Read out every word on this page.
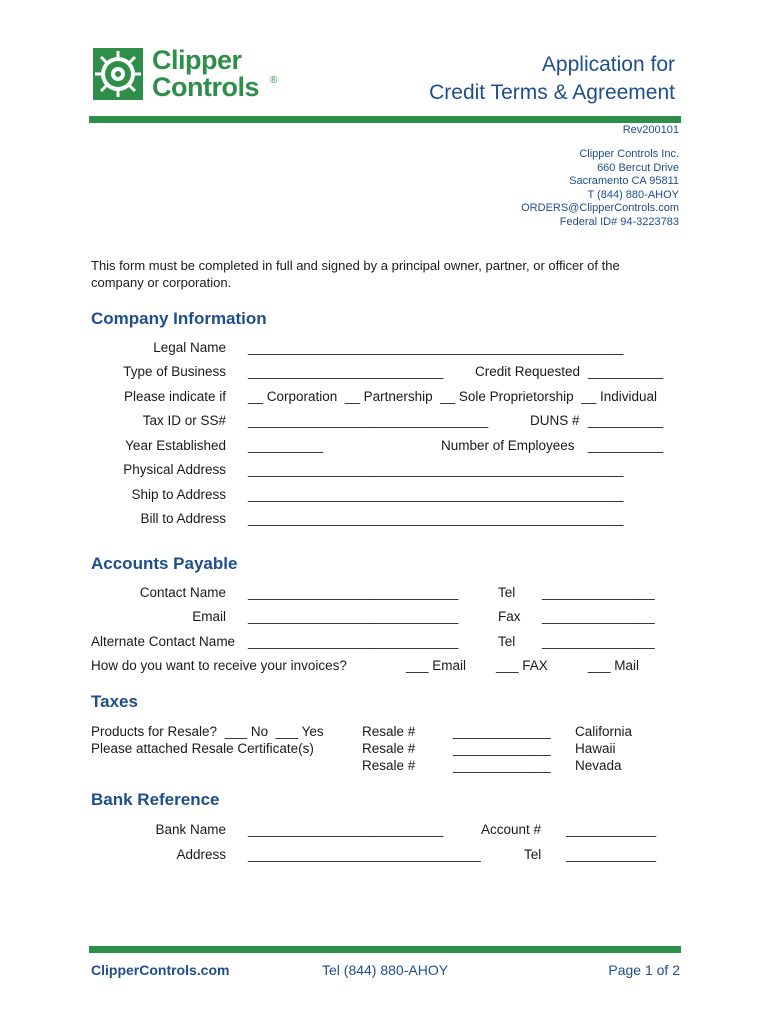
Clipper
Controls ®
Application for
Credit Terms & Agreement
Rev200101
Clipper Controls Inc.
660 Bercut Drive
Sacramento CA 95811
T (844) 880-AHOY
ORDERS@ClipperControls.com
Federal ID# 94-3223783
This form must be completed in full and signed by a principal owner, partner, or officer of the
company or corporation.
Company Information
Legal Name __________________________________________________
Type of Business __________________________ Credit Requested __________
Please indicate if __ Corporation  __ Partnership  __ Sole Proprietorship  __ Individual
Tax ID or SS# ________________________________	DUNS # __________
Year Established __________	Number of Employees __________
Physical Address __________________________________________________
Ship to Address __________________________________________________
Bill to Address __________________________________________________
Accounts Payable
Contact Name ____________________________	Tel _______________
Email ____________________________	Fax _______________
Alternate Contact Name ____________________________	Tel _______________
How do you want to receive your invoices?	___ Email ___ FAX	___ Mail
Taxes
Products for Resale?  ___ No  ___ Yes
Please attached Resale Certificate(s)
Resale #	_____________ California
Resale #	_____________ Hawaii
Resale #	_____________ Nevada
Bank Reference
Bank Name __________________________	Account # ____________
Address _______________________________	Tel ____________
ClipperControls.com	Tel (844) 880-AHOY	Page 1 of 2
